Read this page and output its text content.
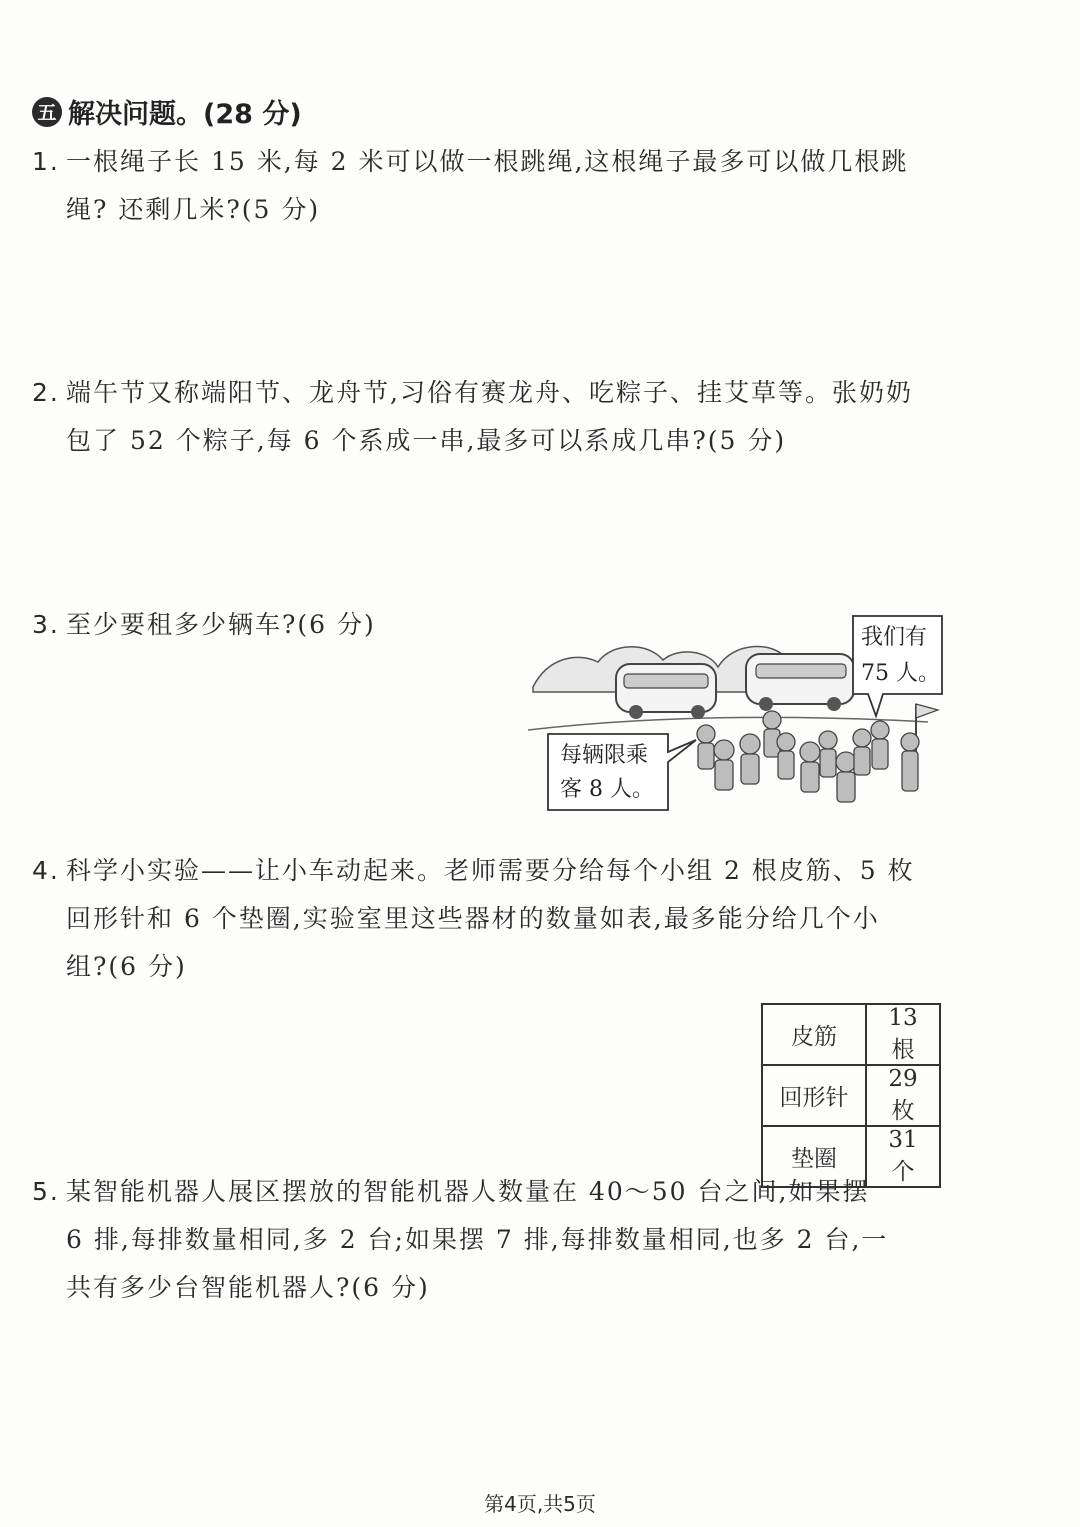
五 解决问题。(28 分)
1. 一根绳子长 15 米,每 2 米可以做一根跳绳,这根绳子最多可以做几根跳
绳? 还剩几米?(5 分)
2. 端午节又称端阳节、龙舟节,习俗有赛龙舟、吃粽子、挂艾草等。张奶奶
包了 52 个粽子,每 6 个系成一串,最多可以系成几串?(5 分)
3. 至少要租多少辆车?(6 分)
每辆限乘
客 8 人。
我们有
75 人。
4. 科学小实验——让小车动起来。老师需要分给每个小组 2 根皮筋、5 枚
回形针和 6 个垫圈,实验室里这些器材的数量如表,最多能分给几个小
组?(6 分)
皮筋	13 根
回形针	29 枚
垫圈	31 个
5. 某智能机器人展区摆放的智能机器人数量在 40～50 台之间,如果摆
6 排,每排数量相同,多 2 台;如果摆 7 排,每排数量相同,也多 2 台,一
共有多少台智能机器人?(6 分)
第4页,共5页
